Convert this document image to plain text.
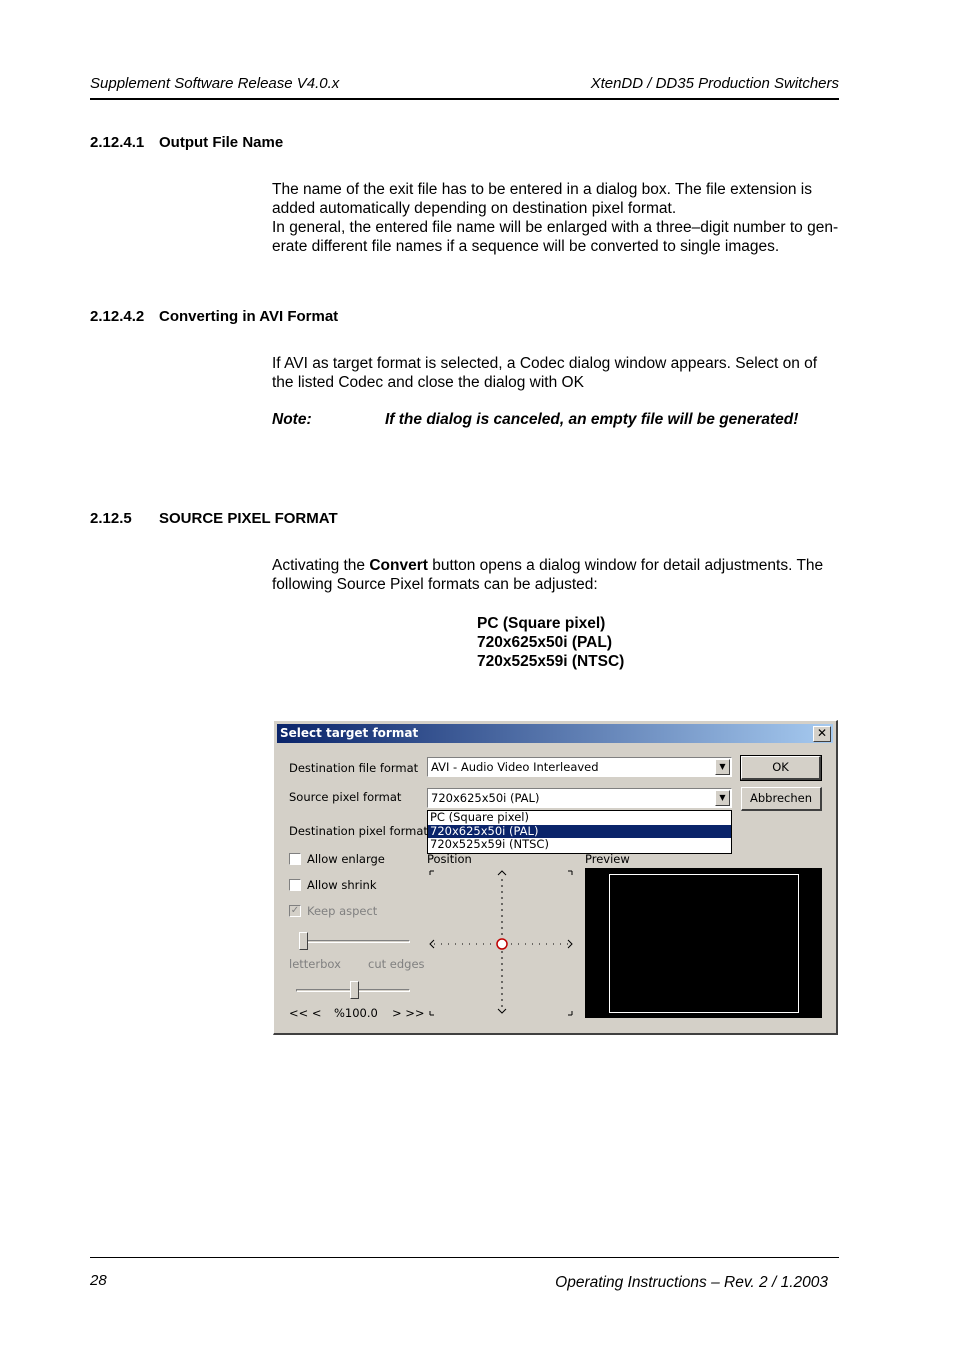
Supplement Software Release V4.0.x	XtenDD / DD35 Production Switchers
2.12.4.1 Output File Name

The name of the exit file has to be entered in a dialog box. The file extension is added automatically depending on destination pixel format.

In general, the entered file name will be enlarged with a three–digit number to generate different file names if a sequence will be converted to single images.

2.12.4.2 Converting in AVI Format

If AVI as target format is selected, a Codec dialog window appears. Select on of the listed Codec and close the dialog with OK

Note:	If the dialog is canceled, an empty file will be generated!
2.12.5 SOURCE PIXEL FORMAT

Activating the Convert button opens a dialog window for detail adjustments. The following Source Pixel formats can be adjusted:

PC (Square pixel)
720x625x50i (PAL)
720x525x59i (NTSC)
Select target format	✕
Destination file format AVI - Audio Video Interleaved	▼
Source pixel format	720x625x50i (PAL)	▼
PC (Square pixel)
720x625x50i (PAL)
720x525x59i (NTSC)
OK
Abbrechen
Destination pixel format
Allow enlarge
Allow shrink
✓ Keep aspect
letterbox cut edges
<< < %100.0 > >>
Position	Preview
28	Operating Instructions – Rev. 2 / 1.2003
